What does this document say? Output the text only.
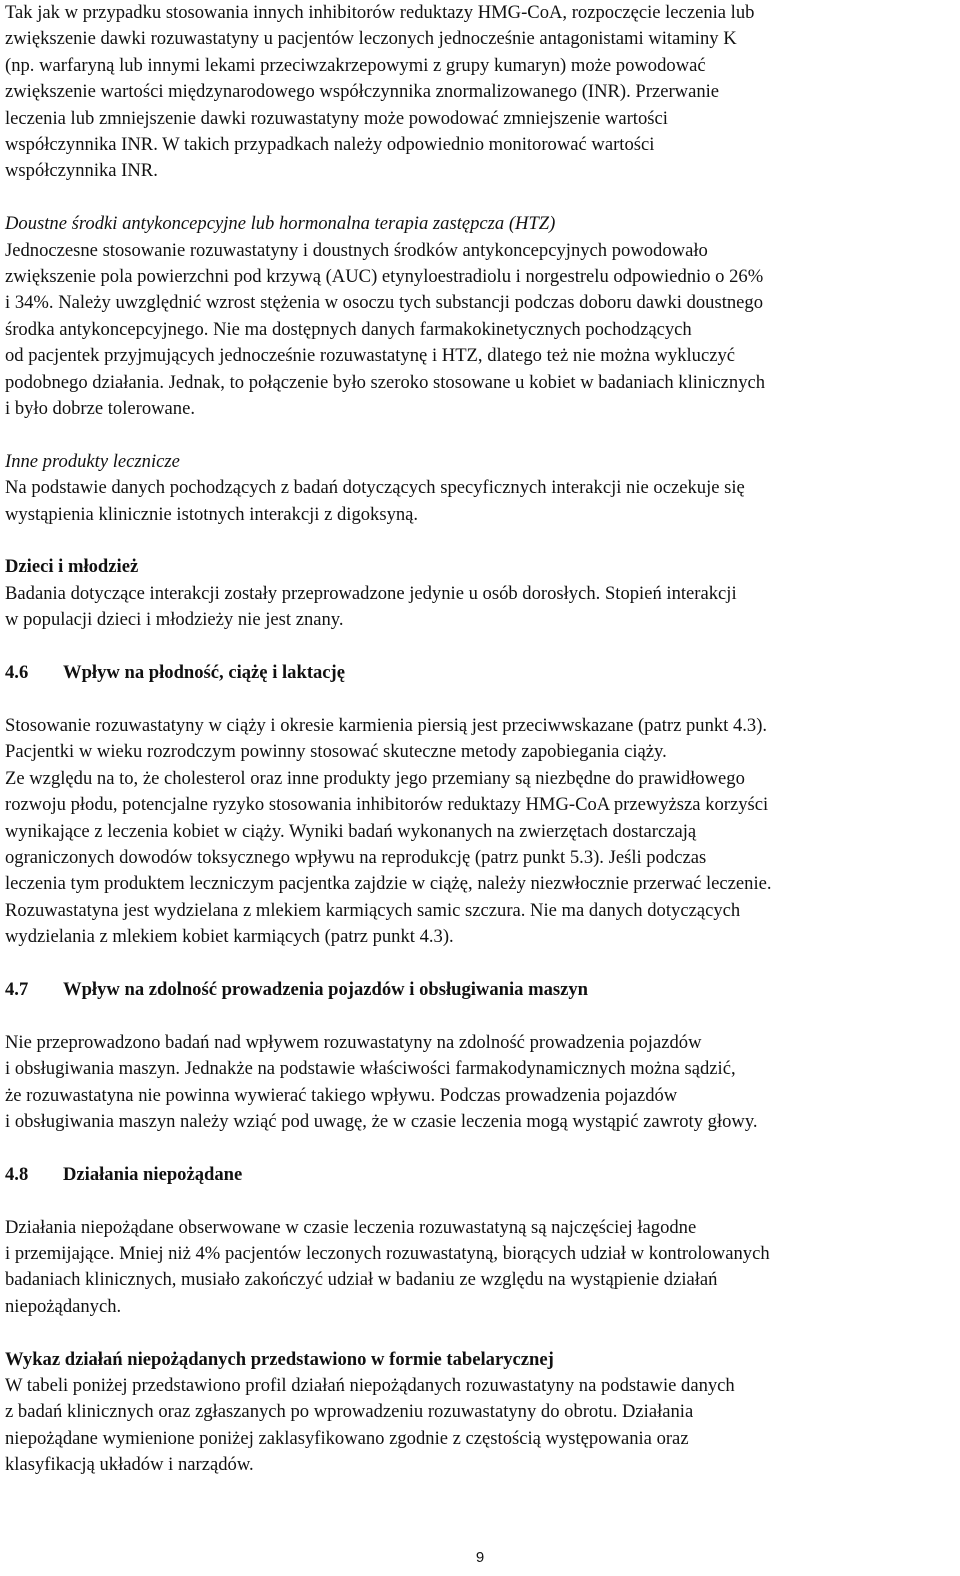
Tak jak w przypadku stosowania innych inhibitorów reduktazy HMG-CoA, rozpoczęcie leczenia lub
zwiększenie dawki rozuwastatyny u pacjentów leczonych jednocześnie antagonistami witaminy K
(np. warfaryną lub innymi lekami przeciwzakrzepowymi z grupy kumaryn) może powodować
zwiększenie wartości międzynarodowego współczynnika znormalizowanego (INR). Przerwanie
leczenia lub zmniejszenie dawki rozuwastatyny może powodować zmniejszenie wartości
współczynnika INR. W takich przypadkach należy odpowiednio monitorować wartości
współczynnika INR.

Doustne środki antykoncepcyjne lub hormonalna terapia zastępcza (HTZ)
Jednoczesne stosowanie rozuwastatyny i doustnych środków antykoncepcyjnych powodowało
zwiększenie pola powierzchni pod krzywą (AUC) etynyloestradiolu i norgestrelu odpowiednio o 26%
i 34%. Należy uwzględnić wzrost stężenia w osoczu tych substancji podczas doboru dawki doustnego
środka antykoncepcyjnego. Nie ma dostępnych danych farmakokinetycznych pochodzących
od pacjentek przyjmujących jednocześnie rozuwastatynę i HTZ, dlatego też nie można wykluczyć
podobnego działania. Jednak, to połączenie było szeroko stosowane u kobiet w badaniach klinicznych
i było dobrze tolerowane.

Inne produkty lecznicze
Na podstawie danych pochodzących z badań dotyczących specyficznych interakcji nie oczekuje się
wystąpienia klinicznie istotnych interakcji z digoksyną.

Dzieci i młodzież
Badania dotyczące interakcji zostały przeprowadzone jedynie u osób dorosłych. Stopień interakcji
w populacji dzieci i młodzieży nie jest znany.

4.6 Wpływ na płodność, ciążę i laktację

Stosowanie rozuwastatyny w ciąży i okresie karmienia piersią jest przeciwwskazane (patrz punkt 4.3).
Pacjentki w wieku rozrodczym powinny stosować skuteczne metody zapobiegania ciąży.
Ze względu na to, że cholesterol oraz inne produkty jego przemiany są niezbędne do prawidłowego
rozwoju płodu, potencjalne ryzyko stosowania inhibitorów reduktazy HMG-CoA przewyższa korzyści
wynikające z leczenia kobiet w ciąży. Wyniki badań wykonanych na zwierzętach dostarczają
ograniczonych dowodów toksycznego wpływu na reprodukcję (patrz punkt 5.3). Jeśli podczas
leczenia tym produktem leczniczym pacjentka zajdzie w ciążę, należy niezwłocznie przerwać leczenie.
Rozuwastatyna jest wydzielana z mlekiem karmiących samic szczura. Nie ma danych dotyczących
wydzielania z mlekiem kobiet karmiących (patrz punkt 4.3).

4.7 Wpływ na zdolność prowadzenia pojazdów i obsługiwania maszyn

Nie przeprowadzono badań nad wpływem rozuwastatyny na zdolność prowadzenia pojazdów
i obsługiwania maszyn. Jednakże na podstawie właściwości farmakodynamicznych można sądzić,
że rozuwastatyna nie powinna wywierać takiego wpływu. Podczas prowadzenia pojazdów
i obsługiwania maszyn należy wziąć pod uwagę, że w czasie leczenia mogą wystąpić zawroty głowy.

4.8 Działania niepożądane

Działania niepożądane obserwowane w czasie leczenia rozuwastatyną są najczęściej łagodne
i przemijające. Mniej niż 4% pacjentów leczonych rozuwastatyną, biorących udział w kontrolowanych
badaniach klinicznych, musiało zakończyć udział w badaniu ze względu na wystąpienie działań
niepożądanych.

Wykaz działań niepożądanych przedstawiono w formie tabelarycznej
W tabeli poniżej przedstawiono profil działań niepożądanych rozuwastatyny na podstawie danych
z badań klinicznych oraz zgłaszanych po wprowadzeniu rozuwastatyny do obrotu. Działania
niepożądane wymienione poniżej zaklasyfikowano zgodnie z częstością występowania oraz
klasyfikacją układów i narządów.

9
